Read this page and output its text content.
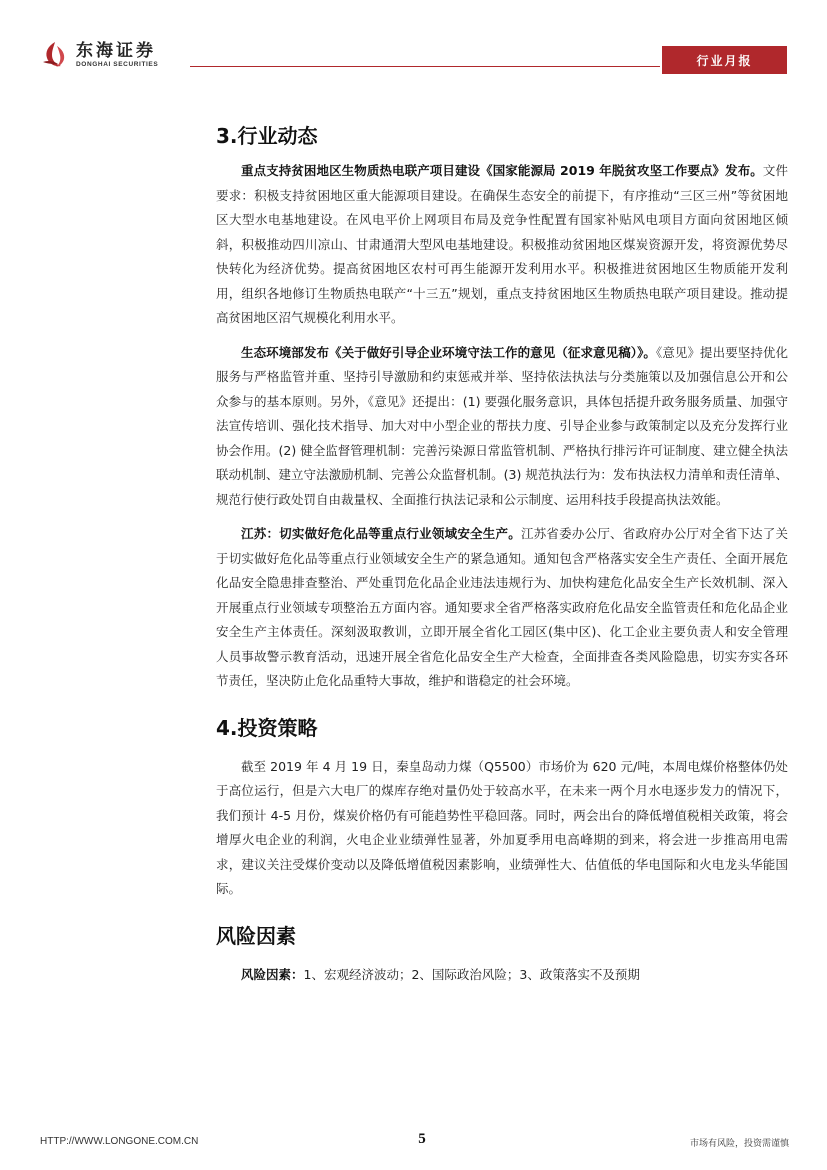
东海证券
DONGHAI SECURITIES	行业月报
3.行业动态

重点支持贫困地区生物质热电联产项目建设《国家能源局 2019 年脱贫攻坚工作要点》发布。文件要求：积极支持贫困地区重大能源项目建设。在确保生态安全的前提下，有序推动“三区三州”等贫困地区大型水电基地建设。在风电平价上网项目布局及竞争性配置有国家补贴风电项目方面向贫困地区倾斜，积极推动四川凉山、甘肃通渭大型风电基地建设。积极推动贫困地区煤炭资源开发，将资源优势尽快转化为经济优势。提高贫困地区农村可再生能源开发利用水平。积极推进贫困地区生物质能开发利用，组织各地修订生物质热电联产“十三五”规划，重点支持贫困地区生物质热电联产项目建设。推动提高贫困地区沼气规模化利用水平。

生态环境部发布《关于做好引导企业环境守法工作的意见（征求意见稿）》。《意见》提出要坚持优化服务与严格监管并重、坚持引导激励和约束惩戒并举、坚持依法执法与分类施策以及加强信息公开和公众参与的基本原则。另外，《意见》还提出：(1) 要强化服务意识，具体包括提升政务服务质量、加强守法宣传培训、强化技术指导、加大对中小型企业的帮扶力度、引导企业参与政策制定以及充分发挥行业协会作用。(2) 健全监督管理机制：完善污染源日常监管机制、严格执行排污许可证制度、建立健全执法联动机制、建立守法激励机制、完善公众监督机制。(3) 规范执法行为：发布执法权力清单和责任清单、规范行使行政处罚自由裁量权、全面推行执法记录和公示制度、运用科技手段提高执法效能。

江苏：切实做好危化品等重点行业领域安全生产。江苏省委办公厅、省政府办公厅对全省下达了关于切实做好危化品等重点行业领域安全生产的紧急通知。通知包含严格落实安全生产责任、全面开展危化品安全隐患排查整治、严处重罚危化品企业违法违规行为、加快构建危化品安全生产长效机制、深入开展重点行业领域专项整治五方面内容。通知要求全省严格落实政府危化品安全监管责任和危化品企业安全生产主体责任。深刻汲取教训，立即开展全省化工园区(集中区)、化工企业主要负责人和安全管理人员事故警示教育活动，迅速开展全省危化品安全生产大检查，全面排查各类风险隐患，切实夯实各环节责任，坚决防止危化品重特大事故，维护和谐稳定的社会环境。

4.投资策略

截至 2019 年 4 月 19 日，秦皇岛动力煤（Q5500）市场价为 620 元/吨，本周电煤价格整体仍处于高位运行，但是六大电厂的煤库存绝对量仍处于较高水平，在未来一两个月水电逐步发力的情况下，我们预计 4-5 月份，煤炭价格仍有可能趋势性平稳回落。同时，两会出台的降低增值税相关政策，将会增厚火电企业的利润，火电企业业绩弹性显著，外加夏季用电高峰期的到来，将会进一步推高用电需求，建议关注受煤价变动以及降低增值税因素影响，业绩弹性大、估值低的华电国际和火电龙头华能国际。

风险因素

风险因素：1、宏观经济波动；2、国际政治风险；3、政策落实不及预期

HTTP://WWW.LONGONE.COM.CN	5	市场有风险，投资需谨慎
